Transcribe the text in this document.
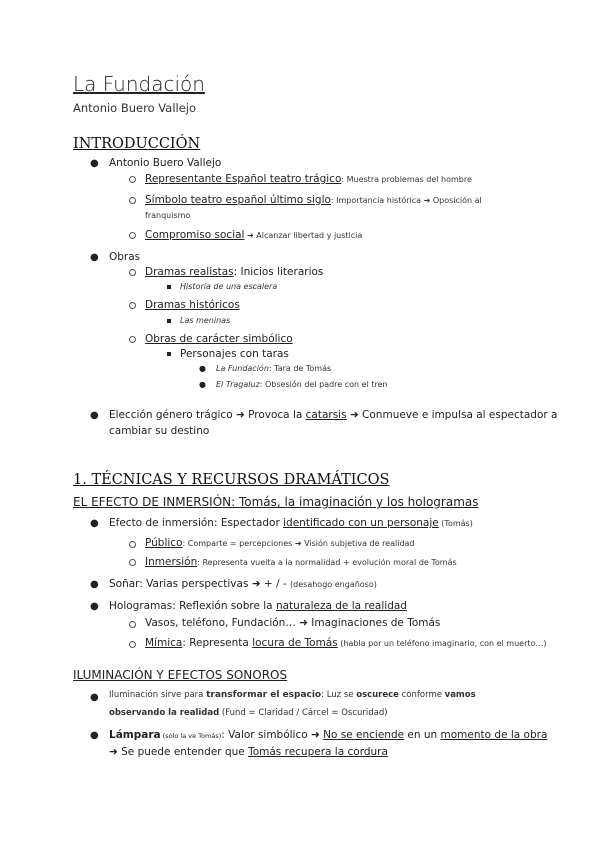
La Fundación
Antonio Buero Vallejo
INTRODUCCIÓN
● Antonio Buero Vallejo
Representante Español teatro trágico: Muestra problemas del hombre
Símbolo teatro español último siglo: Importancia histórica ➜ Oposición al
franquismo
Compromiso social ➜ Alcanzar libertad y justicia
● Obras
Dramas realistas: Inicios literarios
Historia de una escalera
Dramas históricos
Las meninas
Obras de carácter simbólico
Personajes con taras
● La Fundación: Tara de Tomás
● El Tragaluz: Obsesión del padre con el tren
● Elección género trágico ➜ Provoca la catarsis ➜ Conmueve e impulsa al espectador a
cambiar su destino
1. TÉCNICAS Y RECURSOS DRAMÁTICOS
EL EFECTO DE INMERSIÓN: Tomás, la imaginación y los hologramas
● Efecto de inmersión: Espectador identificado con un personaje (Tomás)
Público: Comparte = percepciones ➜ Visión subjetiva de realidad
Inmersión: Representa vuelta a la normalidad + evolución moral de Tomás
● Soñar: Varias perspectivas ➜ + / - (desahogo engañoso)
● Hologramas: Reflexión sobre la naturaleza de la realidad
Vasos, teléfono, Fundación… ➜ Imaginaciones de Tomás
Mímica: Representa locura de Tomás (habla por un teléfono imaginario, con el muerto…)
ILUMINACIÓN Y EFECTOS SONOROS
● Iluminación sirve para transformar el espacio: Luz se oscurece conforme vamos
observando la realidad (Fund = Claridad / Cárcel = Oscuridad)
● Lámpara (sólo la ve Tomás): Valor simbólico ➜ No se enciende en un momento de la obra
➜ Se puede entender que Tomás recupera la cordura
